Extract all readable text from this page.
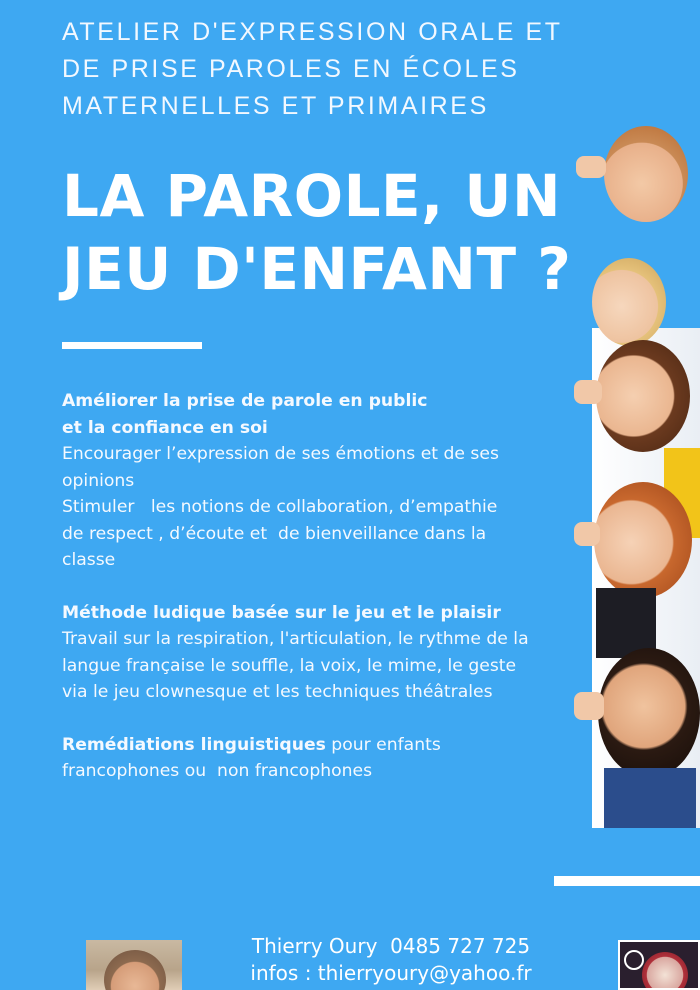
ATELIER D'EXPRESSION ORALE ET
DE PRISE PAROLES EN ÉCOLES
MATERNELLES ET PRIMAIRES
LA PAROLE, UN
JEU D'ENFANT ?

Améliorer la prise de parole en public
et la confiance en soi
Encourager l’expression de ses émotions et de ses
opinions
Stimuler   les notions de collaboration, d’empathie
de respect , d’écoute et  de bienveillance dans la
classe

Méthode ludique basée sur le jeu et le plaisir
Travail sur la respiration, l'articulation, le rythme de la
langue française le souffle, la voix, le mime, le geste
via le jeu clownesque et les techniques théâtrales

Remédiations linguistiques pour enfants
francophones ou  non francophones

Thierry Oury  0485 727 725
infos : thierryoury@yahoo.fr
